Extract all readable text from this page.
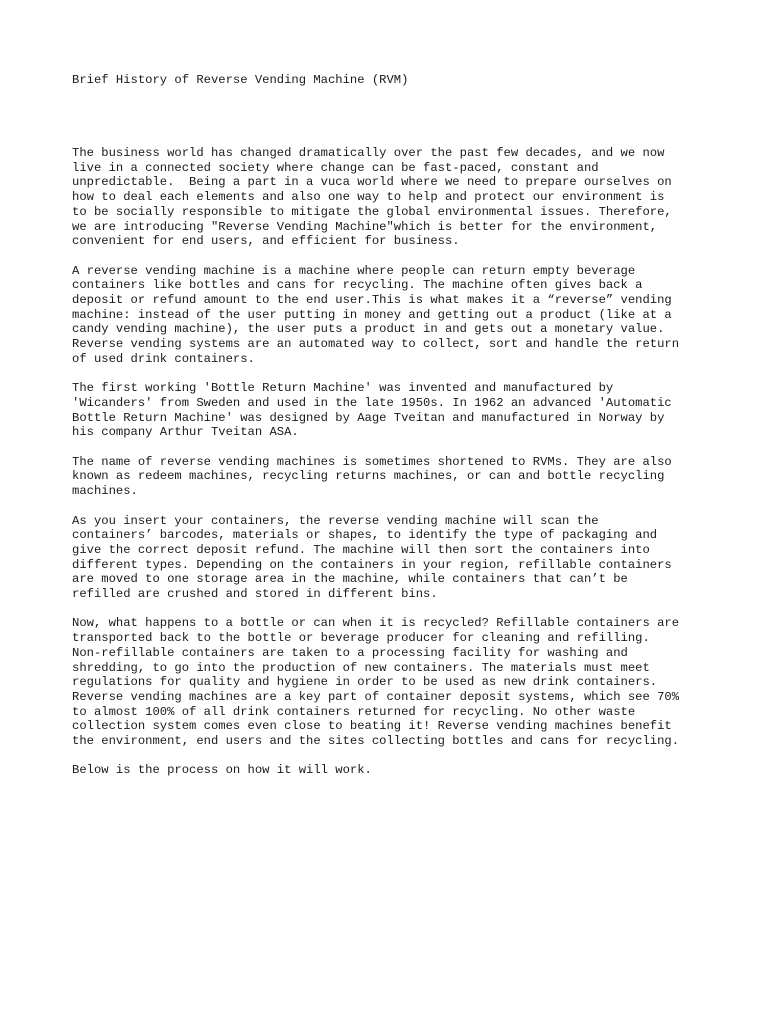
Brief History of Reverse Vending Machine (RVM)

The business world has changed dramatically over the past few decades, and we now
live in a connected society where change can be fast-paced, constant and
unpredictable.  Being a part in a vuca world where we need to prepare ourselves on
how to deal each elements and also one way to help and protect our environment is
to be socially responsible to mitigate the global environmental issues. Therefore,
we are introducing "Reverse Vending Machine"which is better for the environment,
convenient for end users, and efficient for business.

A reverse vending machine is a machine where people can return empty beverage
containers like bottles and cans for recycling. The machine often gives back a
deposit or refund amount to the end user.This is what makes it a “reverse” vending
machine: instead of the user putting in money and getting out a product (like at a
candy vending machine), the user puts a product in and gets out a monetary value.
Reverse vending systems are an automated way to collect, sort and handle the return
of used drink containers.

The first working 'Bottle Return Machine' was invented and manufactured by
'Wicanders' from Sweden and used in the late 1950s. In 1962 an advanced 'Automatic
Bottle Return Machine' was designed by Aage Tveitan and manufactured in Norway by
his company Arthur Tveitan ASA.

The name of reverse vending machines is sometimes shortened to RVMs. They are also
known as redeem machines, recycling returns machines, or can and bottle recycling
machines.

As you insert your containers, the reverse vending machine will scan the
containers’ barcodes, materials or shapes, to identify the type of packaging and
give the correct deposit refund. The machine will then sort the containers into
different types. Depending on the containers in your region, refillable containers
are moved to one storage area in the machine, while containers that can’t be
refilled are crushed and stored in different bins.

Now, what happens to a bottle or can when it is recycled? Refillable containers are
transported back to the bottle or beverage producer for cleaning and refilling.
Non-refillable containers are taken to a processing facility for washing and
shredding, to go into the production of new containers. The materials must meet
regulations for quality and hygiene in order to be used as new drink containers.
Reverse vending machines are a key part of container deposit systems, which see 70%
to almost 100% of all drink containers returned for recycling. No other waste
collection system comes even close to beating it! Reverse vending machines benefit
the environment, end users and the sites collecting bottles and cans for recycling.

Below is the process on how it will work.
